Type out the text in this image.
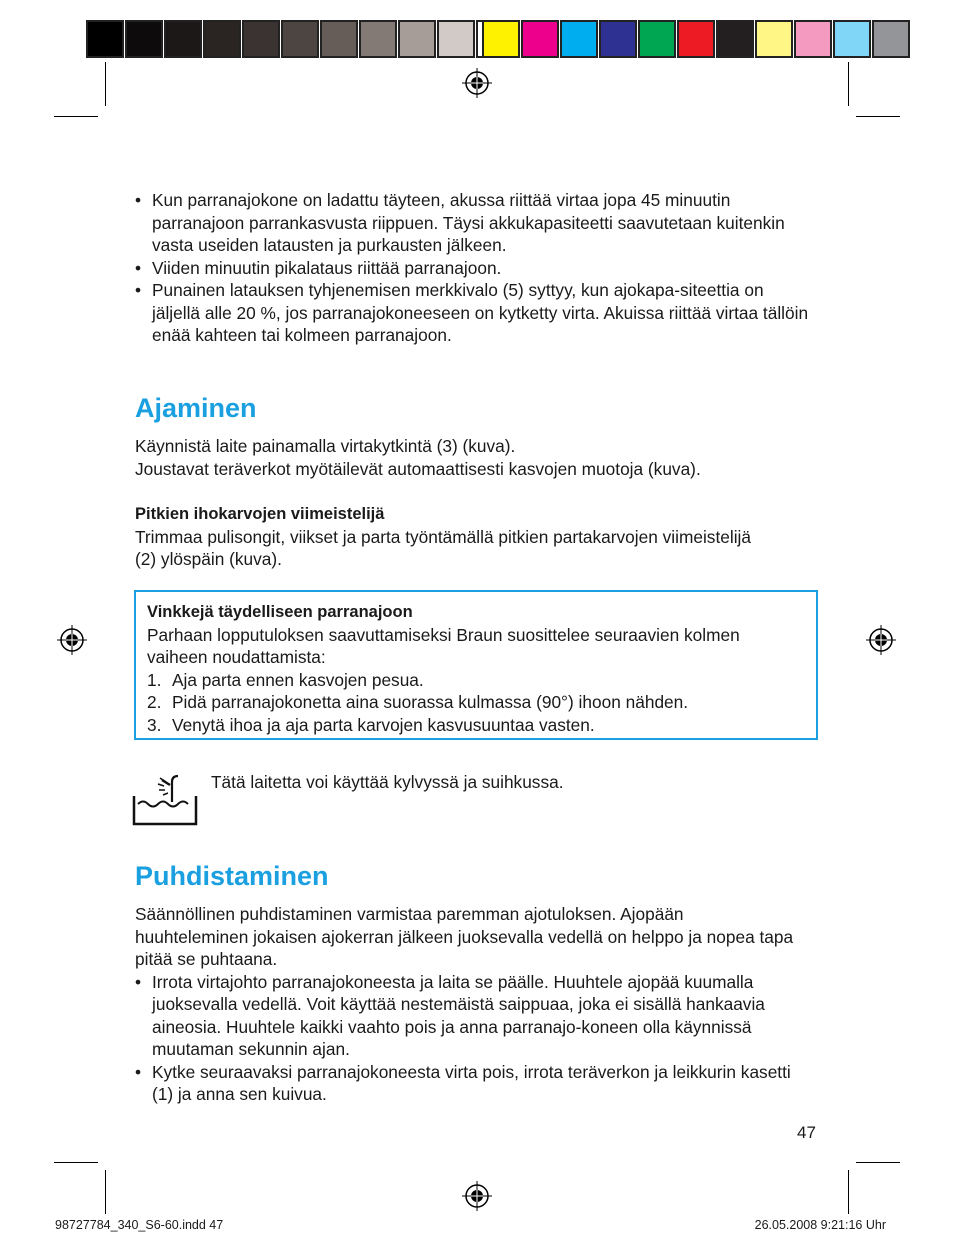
• Kun parranajokone on ladattu täyteen, akussa riittää virtaa jopa 45 minuutin parranajoon parrankasvusta riippuen. Täysi akkukapasiteetti saavutetaan kuitenkin vasta useiden latausten ja purkausten jälkeen.
• Viiden minuutin pikalataus riittää parranajoon.
• Punainen latauksen tyhjenemisen merkkivalo (5) syttyy, kun ajokapa-siteettia on jäljellä alle 20 %, jos parranajokoneeseen on kytketty virta. Akuissa riittää virtaa tällöin enää kahteen tai kolmeen parranajoon.
Ajaminen
Käynnistä laite painamalla virtakytkintä (3) (kuva).
Joustavat teräverkot myötäilevät automaattisesti kasvojen muotoja (kuva).
Pitkien ihokarvojen viimeistelijä
Trimmaa pulisongit, viikset ja parta työntämällä pitkien partakarvojen viimeistelijä (2) ylöspäin (kuva).
Vinkkejä täydelliseen parranajoon
Parhaan lopputuloksen saavuttamiseksi Braun suosittelee seuraavien kolmen vaiheen noudattamista:
1. Aja parta ennen kasvojen pesua.
2. Pidä parranajokonetta aina suorassa kulmassa (90°) ihoon nähden.
3. Venytä ihoa ja aja parta karvojen kasvusuuntaa vasten.
Tätä laitetta voi käyttää kylvyssä ja suihkussa.
Puhdistaminen
Säännöllinen puhdistaminen varmistaa paremman ajotuloksen. Ajopään huuhteleminen jokaisen ajokerran jälkeen juoksevalla vedellä on helppo ja nopea tapa pitää se puhtaana.
• Irrota virtajohto parranajokoneesta ja laita se päälle. Huuhtele ajopää kuumalla juoksevalla vedellä. Voit käyttää nestemäistä saippuaa, joka ei sisällä hankaavia aineosia. Huuhtele kaikki vaahto pois ja anna parranajo-koneen olla käynnissä muutaman sekunnin ajan.
• Kytke seuraavaksi parranajokoneesta virta pois, irrota teräverkon ja leikkurin kasetti (1) ja anna sen kuivua.
47
98727784_340_S6-60.indd 47	26.05.2008 9:21:16 Uhr
